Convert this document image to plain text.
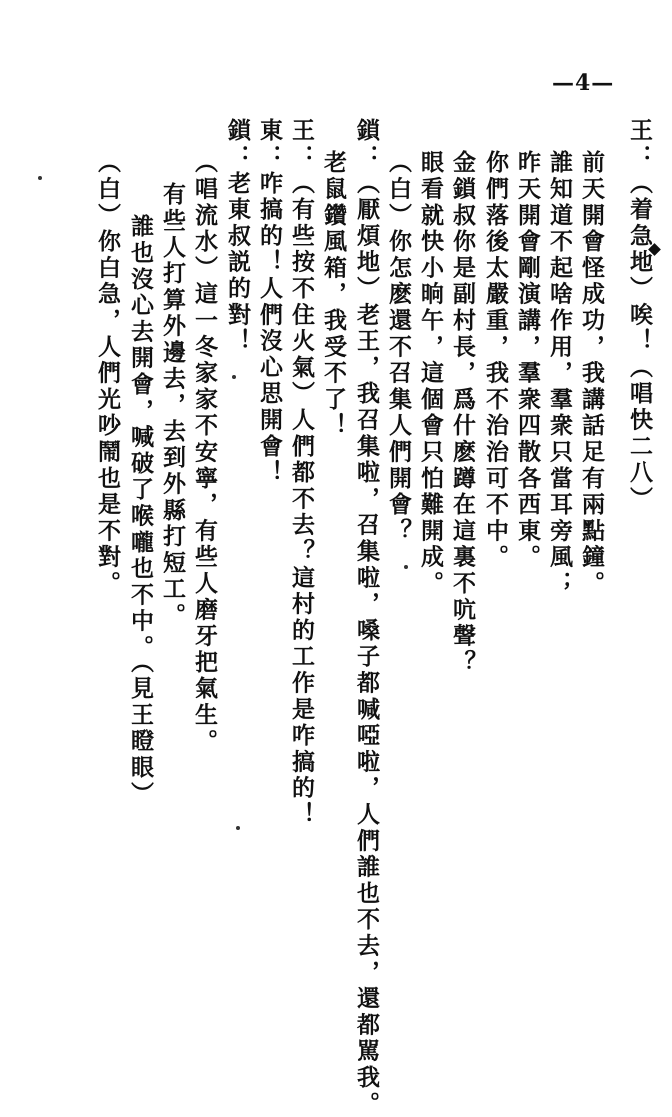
—4—
王：（着急地）唉！（唱快二八）
前天開會怪成功，我講話足有兩點鐘。
誰知道不起啥作用，羣衆只當耳旁風；
昨天開會剛演講，羣衆四散各西東。
你們落後太嚴重，我不治治可不中。
金鎖叔你是副村長，爲什麽蹲在這裏不吭聲？
眼看就快小晌午，這個會只怕難開成。
（白）你怎麽還不召集人們開會？
鎖：（厭煩地）老王，我召集啦，召集啦，嗓子都喊啞啦，人們誰也不去，還都駡我。
老鼠鑽風箱，我受不了！
王：（有些按不住火氣）人們都不去？這村的工作是咋搞的！
東：咋搞的！人們沒心思開會！
鎖：老東叔説的對！
（唱流水）這一冬家家不安寧，有些人磨牙把氣生。
有些人打算外邊去，去到外縣打短工。
誰也沒心去開會，喊破了喉嚨也不中。（見王瞪眼）
（白）你白急，人們光吵鬧也是不對。
